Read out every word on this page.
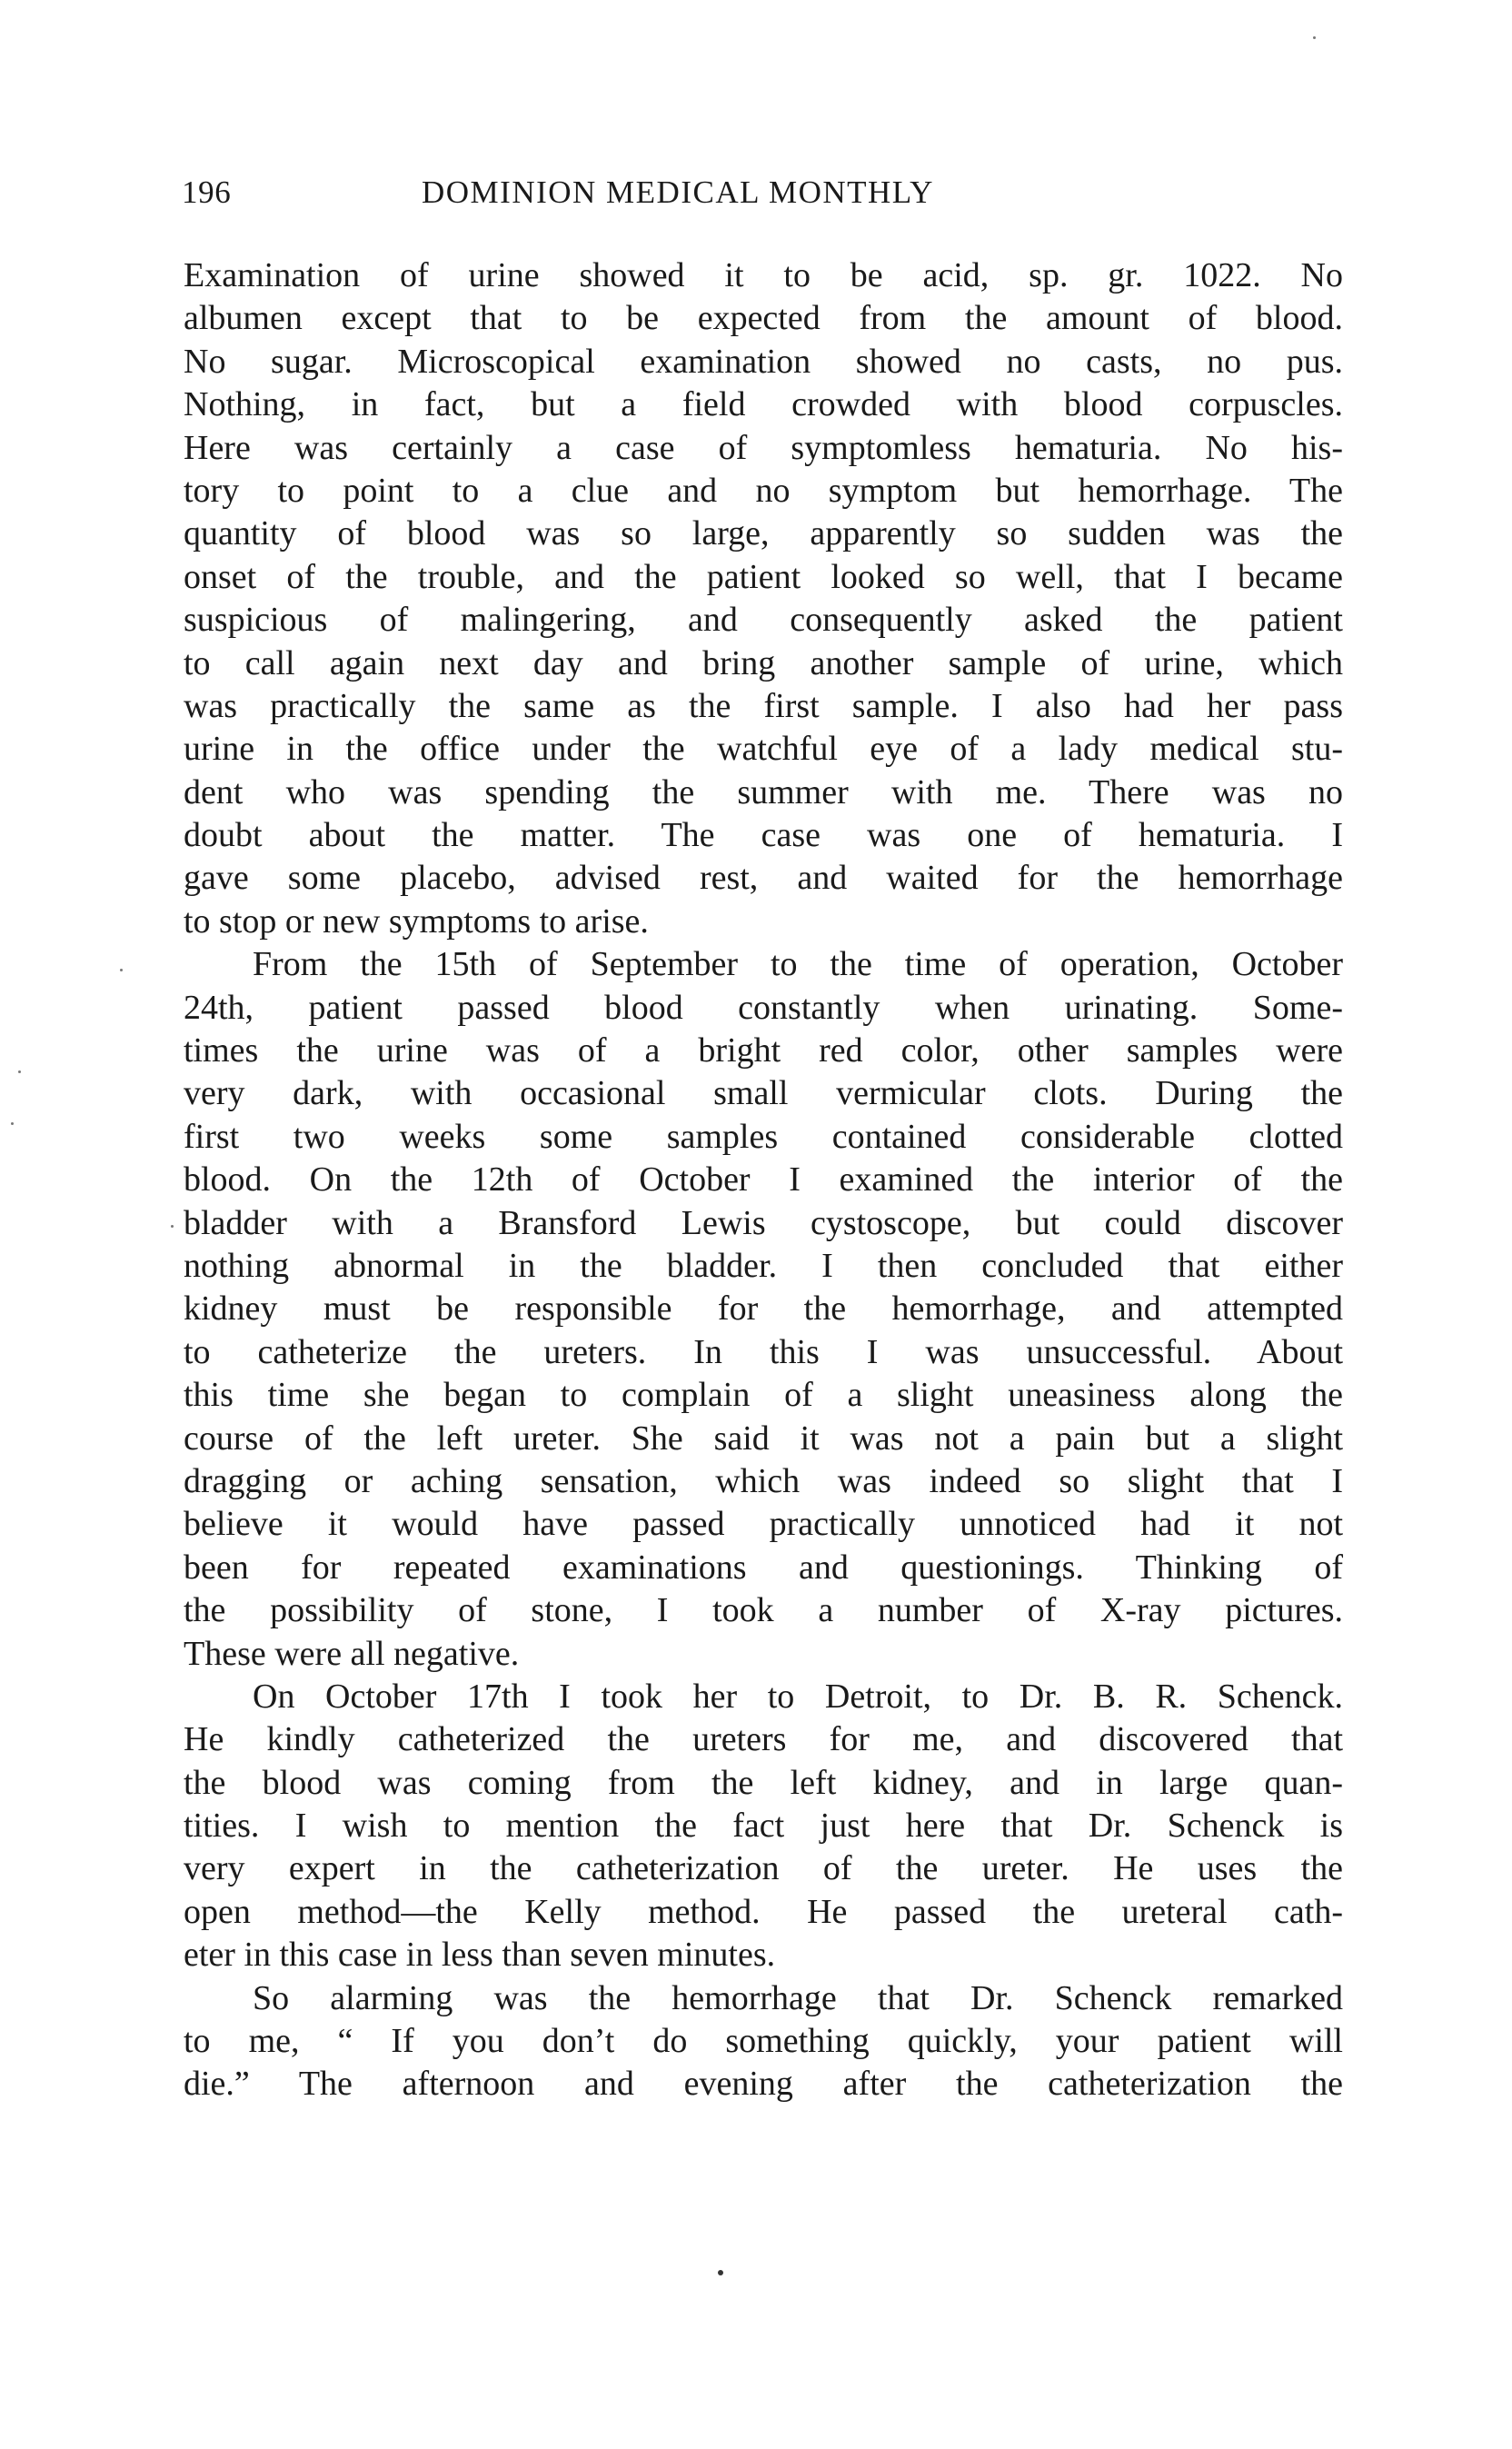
196	DOMINION MEDICAL MONTHLY
Examination of urine showed it to be acid, sp. gr. 1022. No
albumen except that to be expected from the amount of blood.
No sugar. Microscopical examination showed no casts, no pus.
Nothing, in fact, but a field crowded with blood corpuscles.
Here was certainly a case of symptomless hematuria. No his-
tory to point to a clue and no symptom but hemorrhage. The
quantity of blood was so large, apparently so sudden was the
onset of the trouble, and the patient looked so well, that I became
suspicious of malingering, and consequently asked the patient
to call again next day and bring another sample of urine, which
was practically the same as the first sample. I also had her pass
urine in the office under the watchful eye of a lady medical stu-
dent who was spending the summer with me. There was no
doubt about the matter. The case was one of hematuria. I
gave some placebo, advised rest, and waited for the hemorrhage
to stop or new symptoms to arise.
From the 15th of September to the time of operation, October
24th, patient passed blood constantly when urinating. Some-
times the urine was of a bright red color, other samples were
very dark, with occasional small vermicular clots. During the
first two weeks some samples contained considerable clotted
blood. On the 12th of October I examined the interior of the
bladder with a Bransford Lewis cystoscope, but could discover
nothing abnormal in the bladder. I then concluded that either
kidney must be responsible for the hemorrhage, and attempted
to catheterize the ureters. In this I was unsuccessful. About
this time she began to complain of a slight uneasiness along the
course of the left ureter. She said it was not a pain but a slight
dragging or aching sensation, which was indeed so slight that I
believe it would have passed practically unnoticed had it not
been for repeated examinations and questionings. Thinking of
the possibility of stone, I took a number of X-ray pictures.
These were all negative.
On October 17th I took her to Detroit, to Dr. B. R. Schenck.
He kindly catheterized the ureters for me, and discovered that
the blood was coming from the left kidney, and in large quan-
tities. I wish to mention the fact just here that Dr. Schenck is
very expert in the catheterization of the ureter. He uses the
open method—the Kelly method. He passed the ureteral cath-
eter in this case in less than seven minutes.
So alarming was the hemorrhage that Dr. Schenck remarked
to me, “ If you don’t do something quickly, your patient will
die.” The afternoon and evening after the catheterization the
